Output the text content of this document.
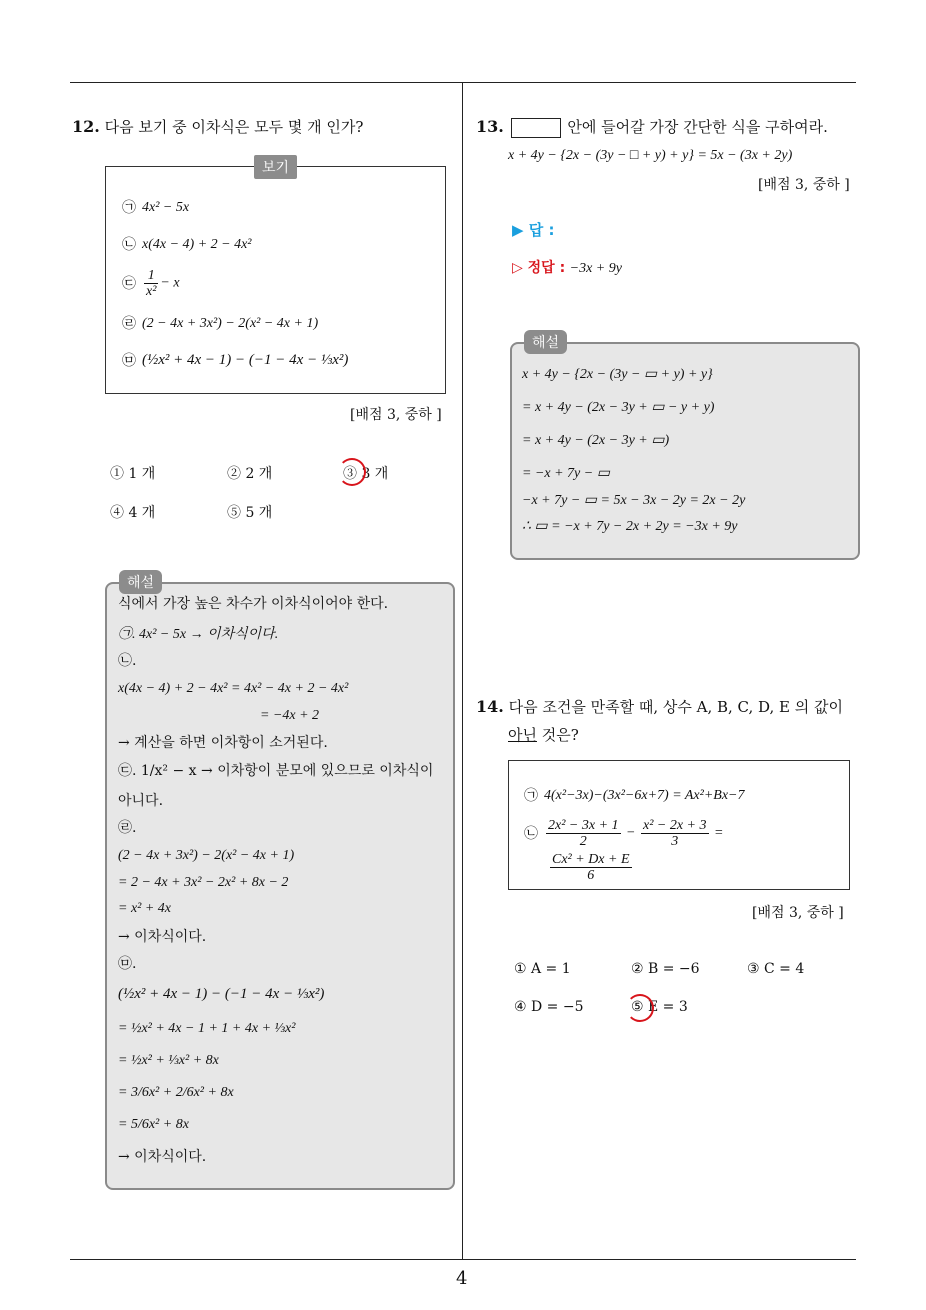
4
12. 다음 보기 중 이차식은 모두 몇 개 인가?
보기
㉠ 4x² − 5x
㉡ x(4x − 4) + 2 − 4x²
㉢ $\frac{1}{\text{x²}} - x$
㉣ (2 − 4x + 3x²) − 2(x² − 4x + 1)
㉤ (½x² + 4x − 1) − (−1 − 4x − ⅓x²)
[배점 3, 중하 ]
① 1 개	② 2 개	③ 3 개
④ 4 개	⑤ 5 개
해설
식에서 가장 높은 차수가 이차식이어야 한다.
㉠. 4x² − 5x → 이차식이다.
㉡.
x(4x − 4) + 2 − 4x² = 4x² − 4x + 2 − 4x²
= −4x + 2
→ 계산을 하면 이차항이 소거된다.
㉢. 1/x² − x → 이차항이 분모에 있으므로 이차식이
아니다.
㉣.
(2 − 4x + 3x²) − 2(x² − 4x + 1)
= 2 − 4x + 3x² − 2x² + 8x − 2
= x² + 4x
→ 이차식이다.
㉤.
(½x² + 4x − 1) − (−1 − 4x − ⅓x²)
= ½x² + 4x − 1 + 1 + 4x + ⅓x²
= ½x² + ⅓x² + 8x
= 3/6x² + 2/6x² + 8x
= 5/6x² + 8x
→ 이차식이다.
13.	안에 들어갈 가장 간단한 식을 구하여라.
x + 4y − {2x − (3y − □ + y) + y} = 5x − (3x + 2y)
[배점 3, 중하 ]
▶ 답 :
▷ 정답 : −3x + 9y
해설
x + 4y − {2x − (3y − ▭ + y) + y}
= x + 4y − (2x − 3y + ▭ − y + y)
= x + 4y − (2x − 3y + ▭)
= −x + 7y − ▭
−x + 7y − ▭ = 5x − 3x − 2y = 2x − 2y
∴ ▭ = −x + 7y − 2x + 2y = −3x + 9y
14. 다음 조건을 만족할 때, 상수 A, B, C, D, E 의 값이
아닌 것은?
㉠ 4(x²−3x)−(3x²−6x+7) = Ax²+Bx−7
㉡ $\frac{\text{2x² − 3x + 1}}{2} - \frac{\text{x² − 2x + 3}}{3}$ =
$\frac{\text{Cx² + Dx + E}}{6}$
[배점 3, 중하 ]
① A = 1	② B = −6	③ C = 4
④ D = −5	⑤ E = 3
